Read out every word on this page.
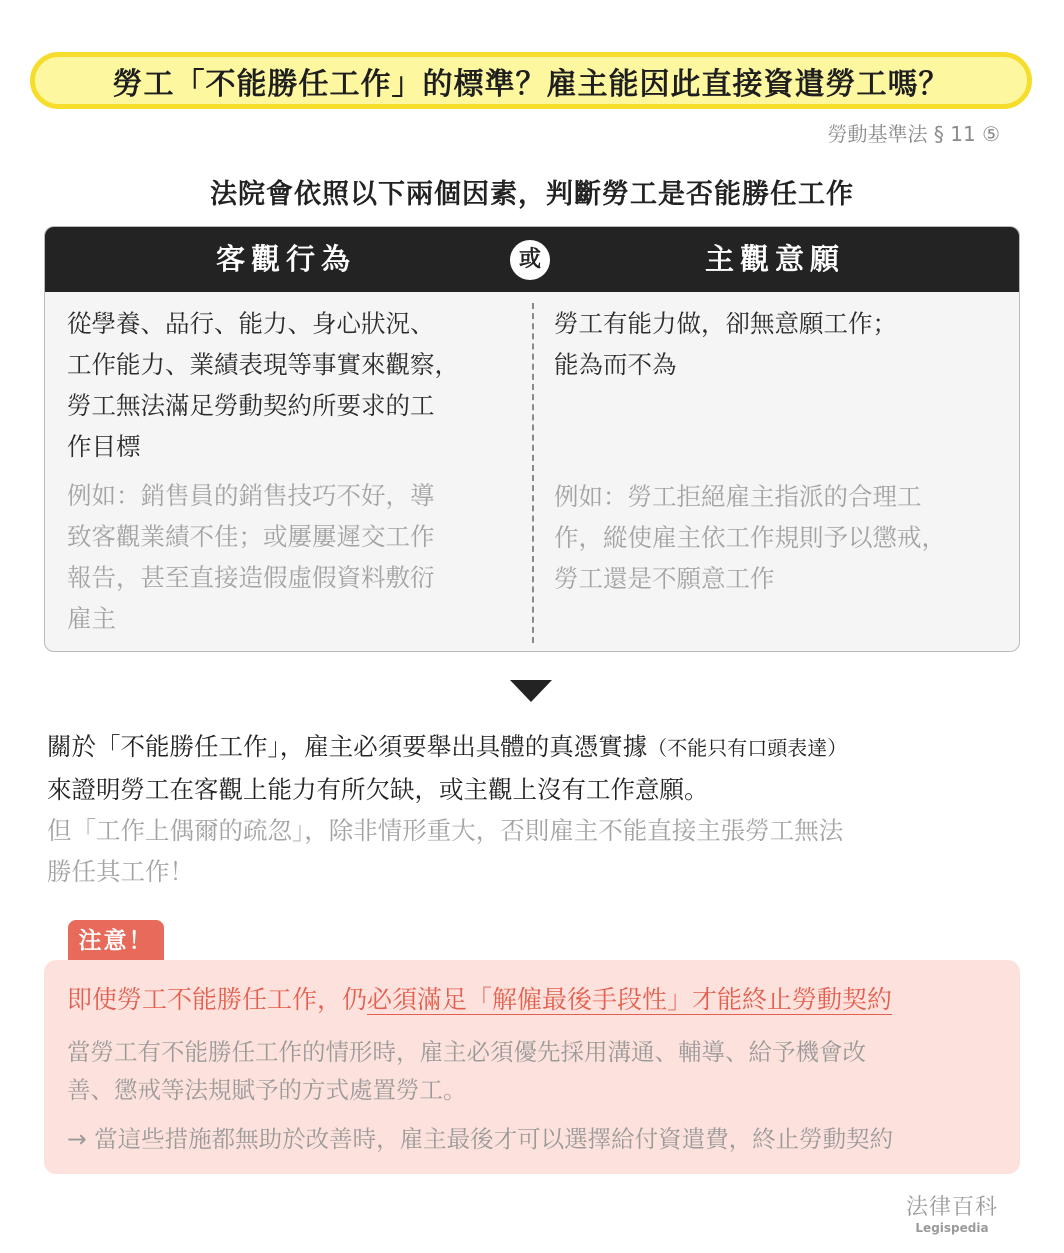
勞工「不能勝任工作」的標準？雇主能因此直接資遣勞工嗎？
勞動基準法 § 11 ⑤
法院會依照以下兩個因素，判斷勞工是否能勝任工作
客觀行為	或	主觀意願
從學養、品行、能力、身心狀況、
工作能力、業績表現等事實來觀察，
勞工無法滿足勞動契約所要求的工
作目標
例如：銷售員的銷售技巧不好，導
致客觀業績不佳；或屢屢遲交工作
報告，甚至直接造假虛假資料敷衍
雇主
勞工有能力做，卻無意願工作；
能為而不為
例如：勞工拒絕雇主指派的合理工
作，縱使雇主依工作規則予以懲戒，
勞工還是不願意工作
關於「不能勝任工作」，雇主必須要舉出具體的真憑實據（不能只有口頭表達）
來證明勞工在客觀上能力有所欠缺，或主觀上沒有工作意願。
但「工作上偶爾的疏忽」，除非情形重大，否則雇主不能直接主張勞工無法
勝任其工作！
注意！
即使勞工不能勝任工作，仍必須滿足「解僱最後手段性」才能終止勞動契約
當勞工有不能勝任工作的情形時，雇主必須優先採用溝通、輔導、給予機會改
善、懲戒等法規賦予的方式處置勞工。
→ 當這些措施都無助於改善時，雇主最後才可以選擇給付資遣費，終止勞動契約
法律百科
Legispedia
